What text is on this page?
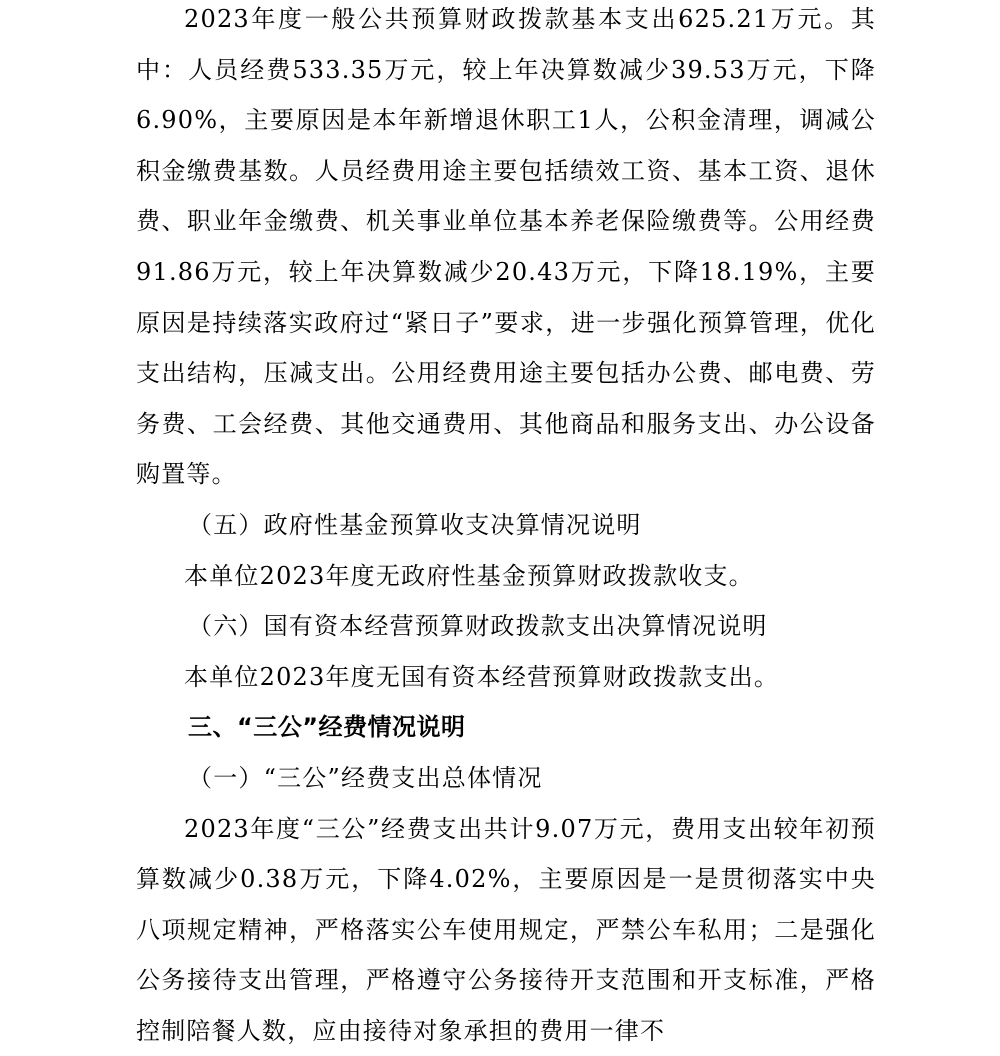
2023年度一般公共预算财政拨款基本支出625.21万元。其中：人员经费533.35万元，较上年决算数减少39.53万元，下降6.90%，主要原因是本年新增退休职工1人，公积金清理，调减公积金缴费基数。人员经费用途主要包括绩效工资、基本工资、退休费、职业年金缴费、机关事业单位基本养老保险缴费等。公用经费91.86万元，较上年决算数减少20.43万元，下降18.19%，主要原因是持续落实政府过“紧日子”要求，进一步强化预算管理，优化支出结构，压减支出。公用经费用途主要包括办公费、邮电费、劳务费、工会经费、其他交通费用、其他商品和服务支出、办公设备购置等。

（五）政府性基金预算收支决算情况说明

本单位2023年度无政府性基金预算财政拨款收支。

（六）国有资本经营预算财政拨款支出决算情况说明

本单位2023年度无国有资本经营预算财政拨款支出。

三、“三公”经费情况说明

（一）“三公”经费支出总体情况

2023年度“三公”经费支出共计9.07万元，费用支出较年初预算数减少0.38万元，下降4.02%，主要原因是一是贯彻落实中央八项规定精神，严格落实公车使用规定，严禁公车私用；二是强化公务接待支出管理，严格遵守公务接待开支范围和开支标准，严格控制陪餐人数，应由接待对象承担的费用一律不
